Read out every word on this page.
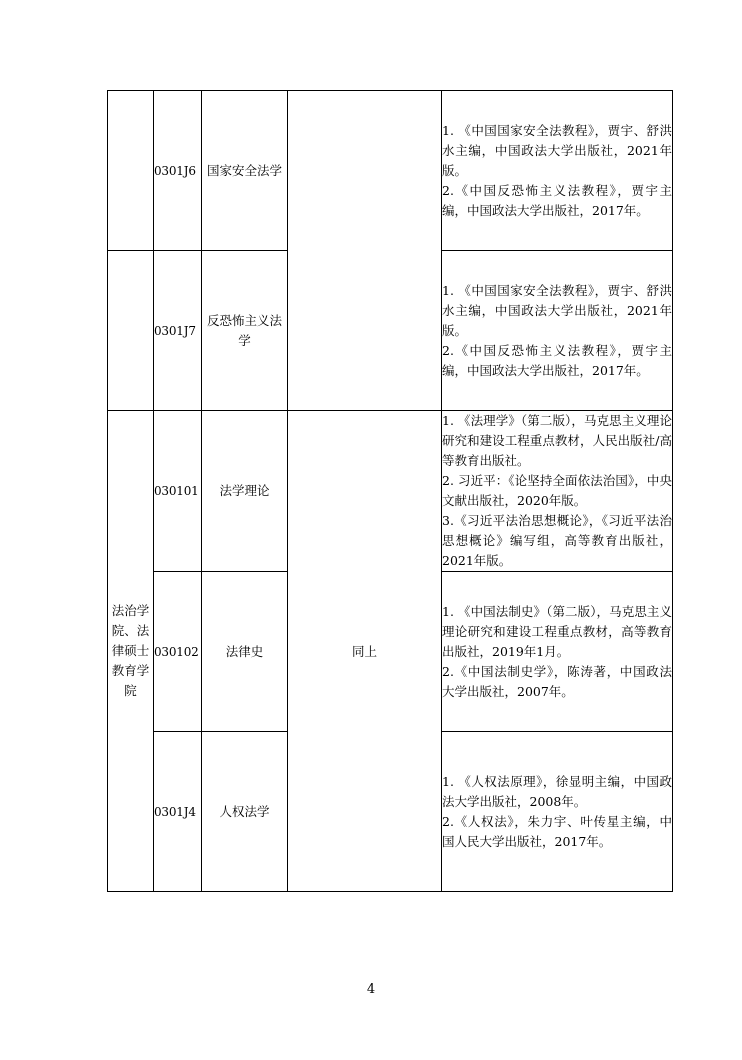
	0301J6	国家安全法学		1. 《中国国家安全法教程》，贾宇、舒洪水主编，中国政法大学出版社，2021年版。
2.《中国反恐怖主义法教程》，贾宇主编，中国政法大学出版社，2017年。

	0301J7	反恐怖主义法学		1. 《中国国家安全法教程》，贾宇、舒洪水主编，中国政法大学出版社，2021年版。
2.《中国反恐怖主义法教程》，贾宇主编，中国政法大学出版社，2017年。

法治学院、法律硕士教育学院	030101	法学理论	同上	1. 《法理学》（第二版），马克思主义理论研究和建设工程重点教材，人民出版社/高等教育出版社。
2. 习近平：《论坚持全面依法治国》，中央文献出版社，2020年版。
3.《习近平法治思想概论》，《习近平法治思想概论》编写组，高等教育出版社，2021年版。

	030102	法律史		1. 《中国法制史》（第二版），马克思主义理论研究和建设工程重点教材，高等教育出版社，2019年1月。
2.《中国法制史学》，陈涛著，中国政法大学出版社，2007年。

	0301J4	人权法学		1. 《人权法原理》，徐显明主编，中国政法大学出版社，2008年。
2.《人权法》，朱力宇、叶传星主编，中国人民大学出版社，2017年。
4
